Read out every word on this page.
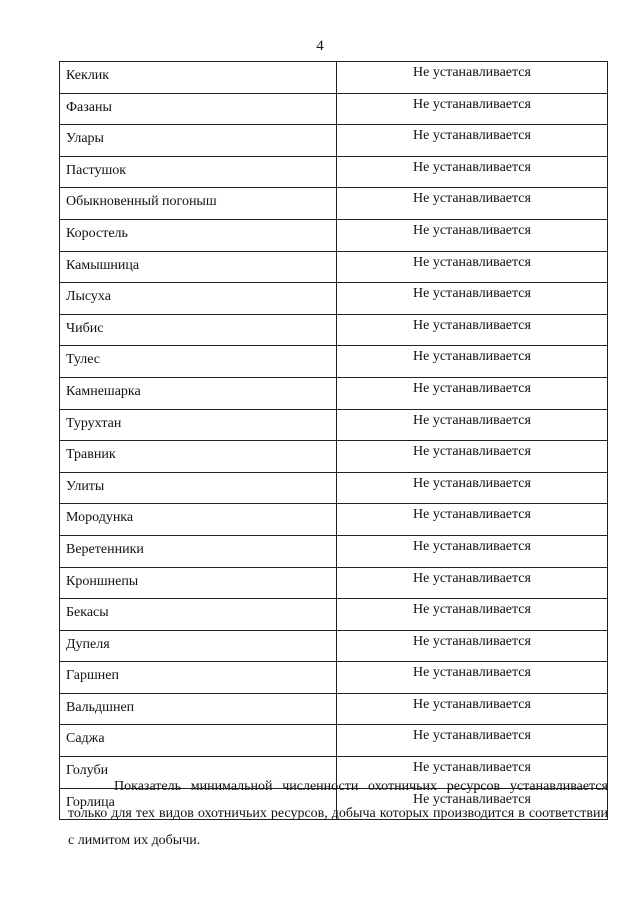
4
Кеклик	Не устанавливается
Фазаны	Не устанавливается
Улары	Не устанавливается
Пастушок	Не устанавливается
Обыкновенный погоныш	Не устанавливается
Коростель	Не устанавливается
Камышница	Не устанавливается
Лысуха	Не устанавливается
Чибис	Не устанавливается
Тулес	Не устанавливается
Камнешарка	Не устанавливается
Турухтан	Не устанавливается
Травник	Не устанавливается
Улиты	Не устанавливается
Мородунка	Не устанавливается
Веретенники	Не устанавливается
Кроншнепы	Не устанавливается
Бекасы	Не устанавливается
Дупеля	Не устанавливается
Гаршнеп	Не устанавливается
Вальдшнеп	Не устанавливается
Саджа	Не устанавливается
Голуби	Не устанавливается
Горлица	Не устанавливается
Показатель минимальной численности охотничьих ресурсов устанавливается только для тех видов охотничьих ресурсов, добыча которых производится в соответствии с лимитом их добычи.
